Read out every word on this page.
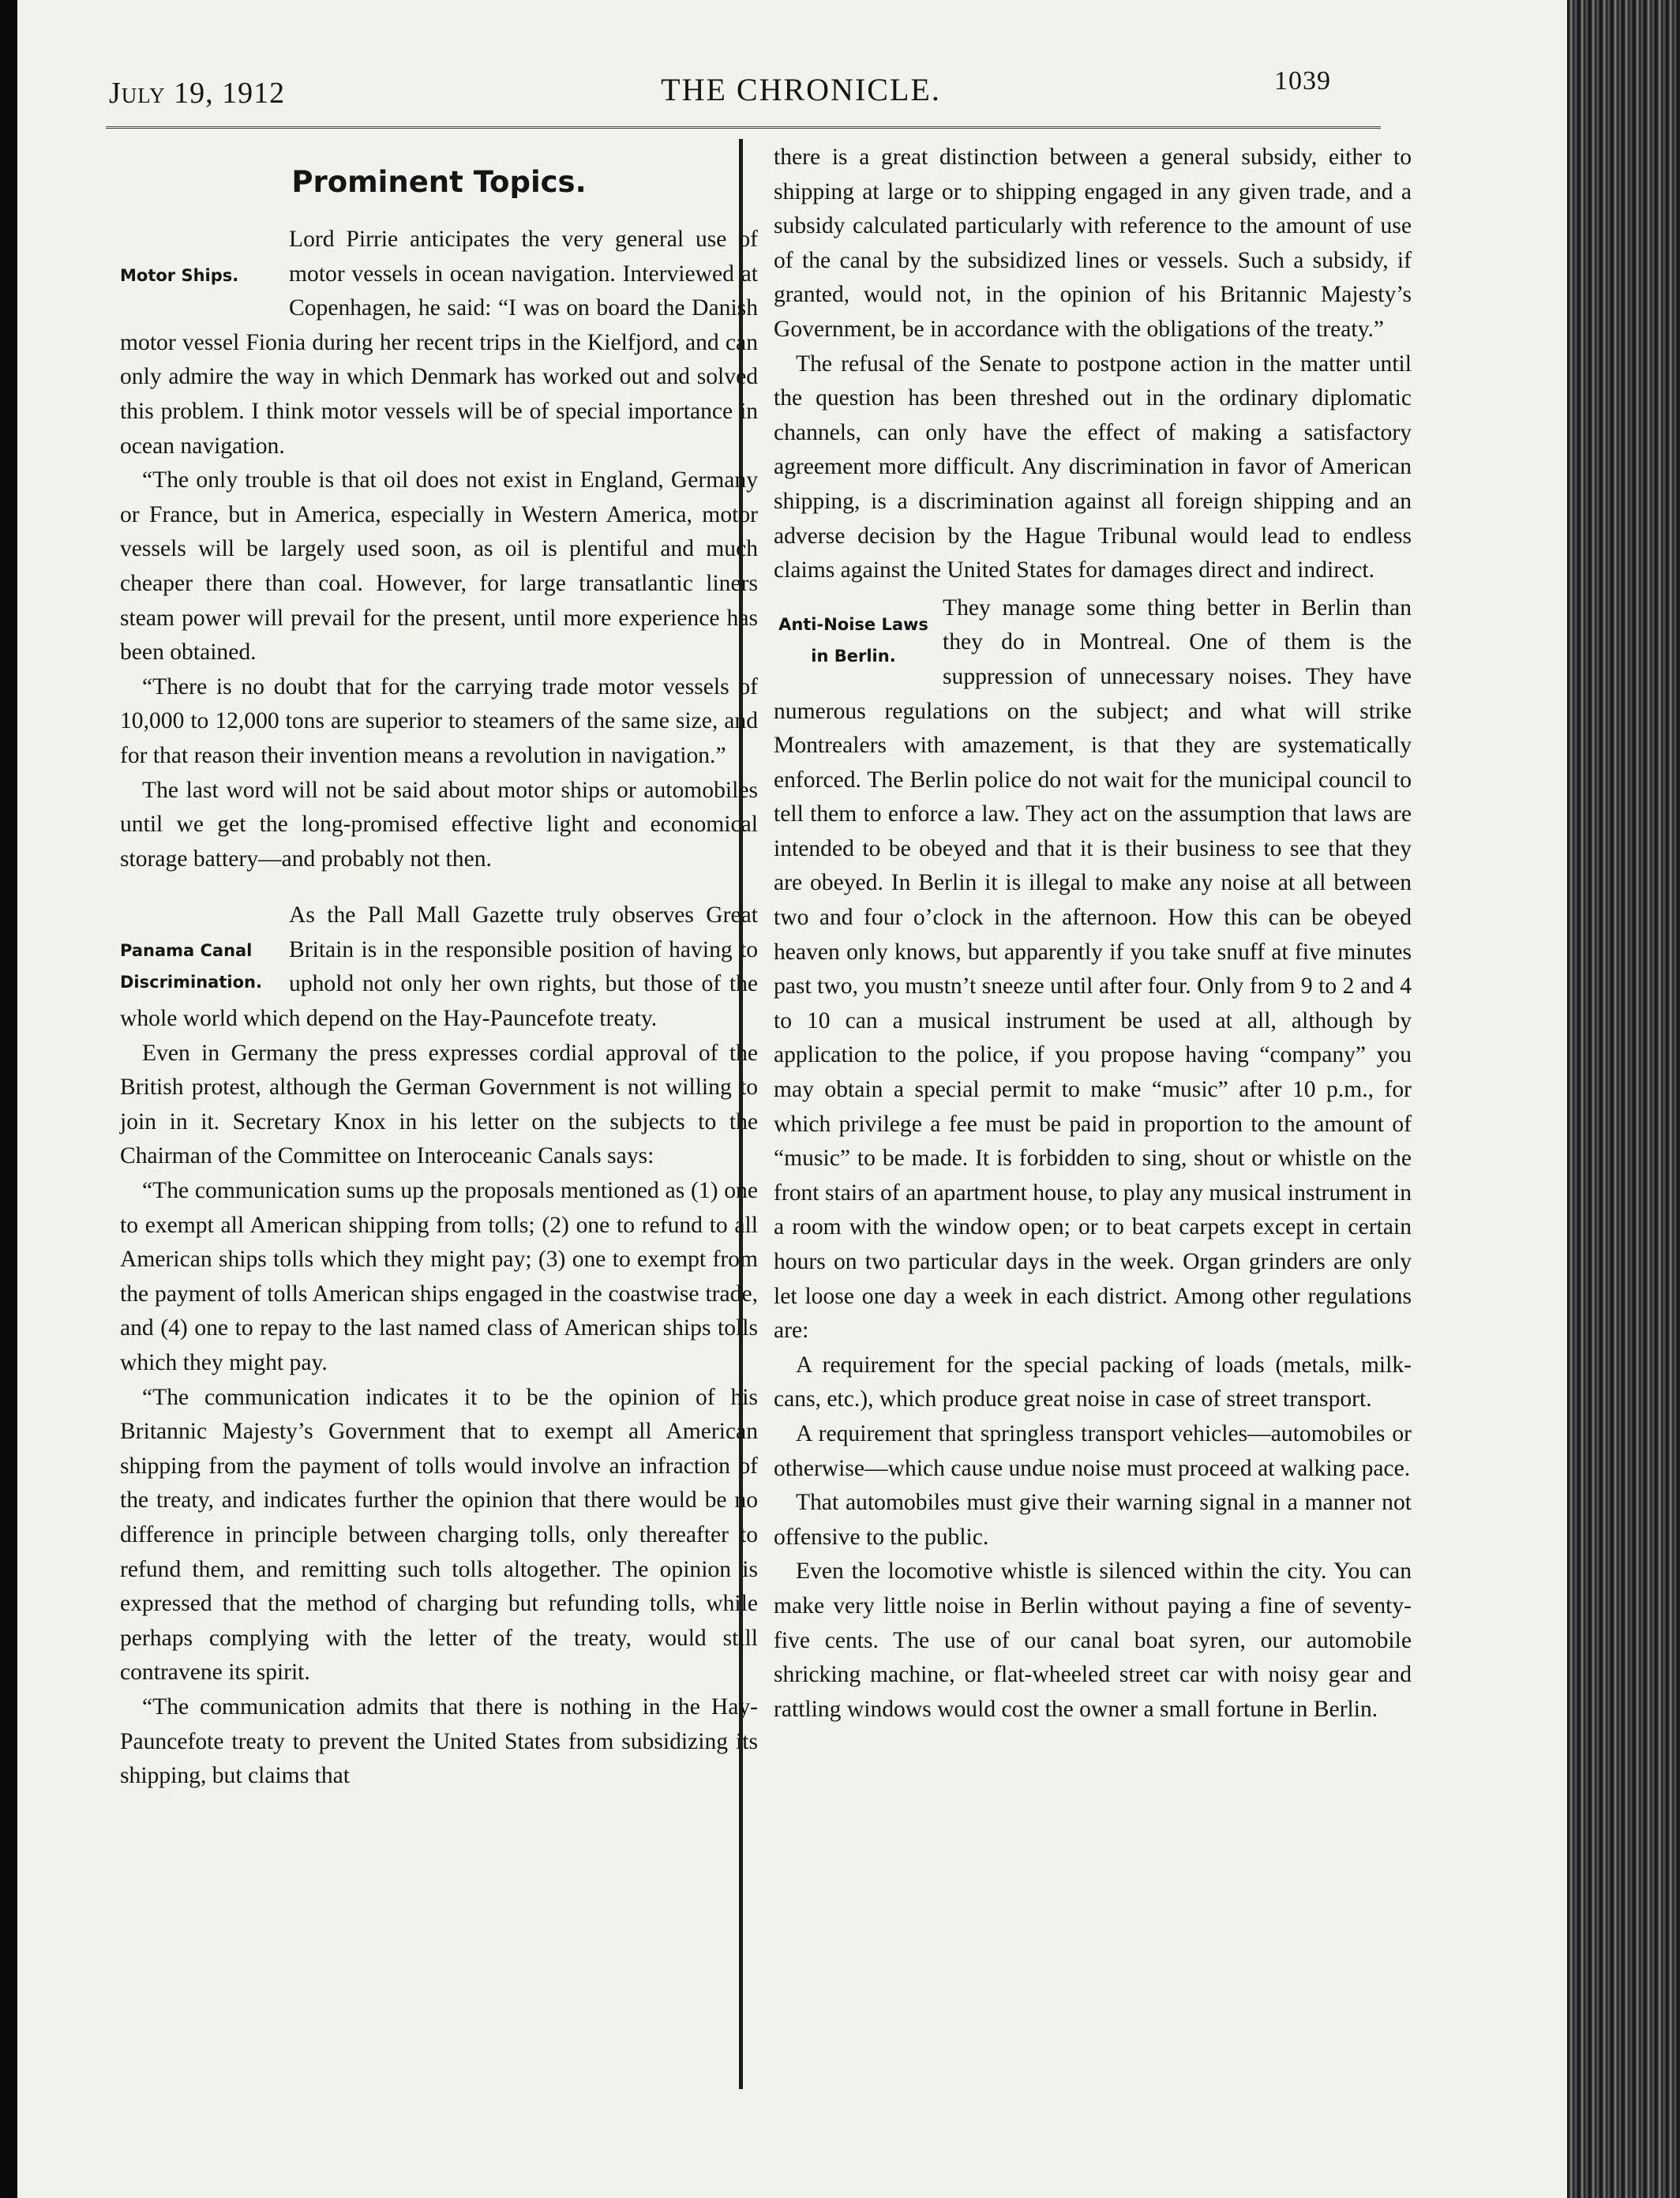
July 19, 1912	THE CHRONICLE.	1039
Prominent Topics.
Motor Ships.

Lord Pirrie anticipates the very general use of motor vessels in ocean navigation. Interviewed at Copenhagen, he said: “I was on board the Danish motor vessel Fionia during her recent trips in the Kielfjord, and can only admire the way in which Denmark has worked out and solved this problem. I think motor vessels will be of special importance in ocean navigation.

“The only trouble is that oil does not exist in England, Germany or France, but in America, especially in Western America, motor vessels will be largely used soon, as oil is plentiful and much cheaper there than coal. However, for large transatlantic liners steam power will prevail for the present, until more experience has been obtained.

“There is no doubt that for the carrying trade motor vessels of 10,000 to 12,000 tons are superior to steamers of the same size, and for that reason their invention means a revolution in navigation.”

The last word will not be said about motor ships or automobiles until we get the long-promised effective light and economical storage battery—and probably not then.

Panama Canal
Discrimination.

As the Pall Mall Gazette truly observes Great Britain is in the responsible position of having to uphold not only her own rights, but those of the whole world which depend on the Hay-Pauncefote treaty.

Even in Germany the press expresses cordial approval of the British protest, although the German Government is not willing to join in it. Secretary Knox in his letter on the subjects to the Chairman of the Committee on Interoceanic Canals says:

“The communication sums up the proposals mentioned as (1) one to exempt all American shipping from tolls; (2) one to refund to all American ships tolls which they might pay; (3) one to exempt from the payment of tolls American ships engaged in the coastwise trade, and (4) one to repay to the last named class of American ships tolls which they might pay.

“The communication indicates it to be the opinion of his Britannic Majesty’s Government that to exempt all American shipping from the payment of tolls would involve an infraction of the treaty, and indicates further the opinion that there would be no difference in principle between charging tolls, only thereafter to refund them, and remitting such tolls altogether. The opinion is expressed that the method of charging but refunding tolls, while perhaps complying with the letter of the treaty, would still contravene its spirit.

“The communication admits that there is nothing in the Hay-Pauncefote treaty to prevent the United States from subsidizing its shipping, but claims that

there is a great distinction between a general subsidy, either to shipping at large or to shipping engaged in any given trade, and a subsidy calculated particularly with reference to the amount of use of the canal by the subsidized lines or vessels. Such a subsidy, if granted, would not, in the opinion of his Britannic Majesty’s Government, be in accordance with the obligations of the treaty.”

The refusal of the Senate to postpone action in the matter until the question has been threshed out in the ordinary diplomatic channels, can only have the effect of making a satisfactory agreement more difficult. Any discrimination in favor of American shipping, is a discrimination against all foreign shipping and an adverse decision by the Hague Tribunal would lead to endless claims against the United States for damages direct and indirect.

Anti-Noise Laws
in Berlin.

They manage some thing better in Berlin than they do in Montreal. One of them is the suppression of unnecessary noises. They have numerous regulations on the subject; and what will strike Montrealers with amazement, is that they are systematically enforced. The Berlin police do not wait for the municipal council to tell them to enforce a law. They act on the assumption that laws are intended to be obeyed and that it is their business to see that they are obeyed. In Berlin it is illegal to make any noise at all between two and four o’clock in the afternoon. How this can be obeyed heaven only knows, but apparently if you take snuff at five minutes past two, you mustn’t sneeze until after four. Only from 9 to 2 and 4 to 10 can a musical instrument be used at all, although by application to the police, if you propose having “company” you may obtain a special permit to make “music” after 10 p.m., for which privilege a fee must be paid in proportion to the amount of “music” to be made. It is forbidden to sing, shout or whistle on the front stairs of an apartment house, to play any musical instrument in a room with the window open; or to beat carpets except in certain hours on two particular days in the week. Organ grinders are only let loose one day a week in each district. Among other regulations are:

A requirement for the special packing of loads (metals, milk-cans, etc.), which produce great noise in case of street transport.

A requirement that springless transport vehicles—automobiles or otherwise—which cause undue noise must proceed at walking pace.

That automobiles must give their warning signal in a manner not offensive to the public.

Even the locomotive whistle is silenced within the city. You can make very little noise in Berlin without paying a fine of seventy-five cents. The use of our canal boat syren, our automobile shricking machine, or flat-wheeled street car with noisy gear and rattling windows would cost the owner a small fortune in Berlin.
